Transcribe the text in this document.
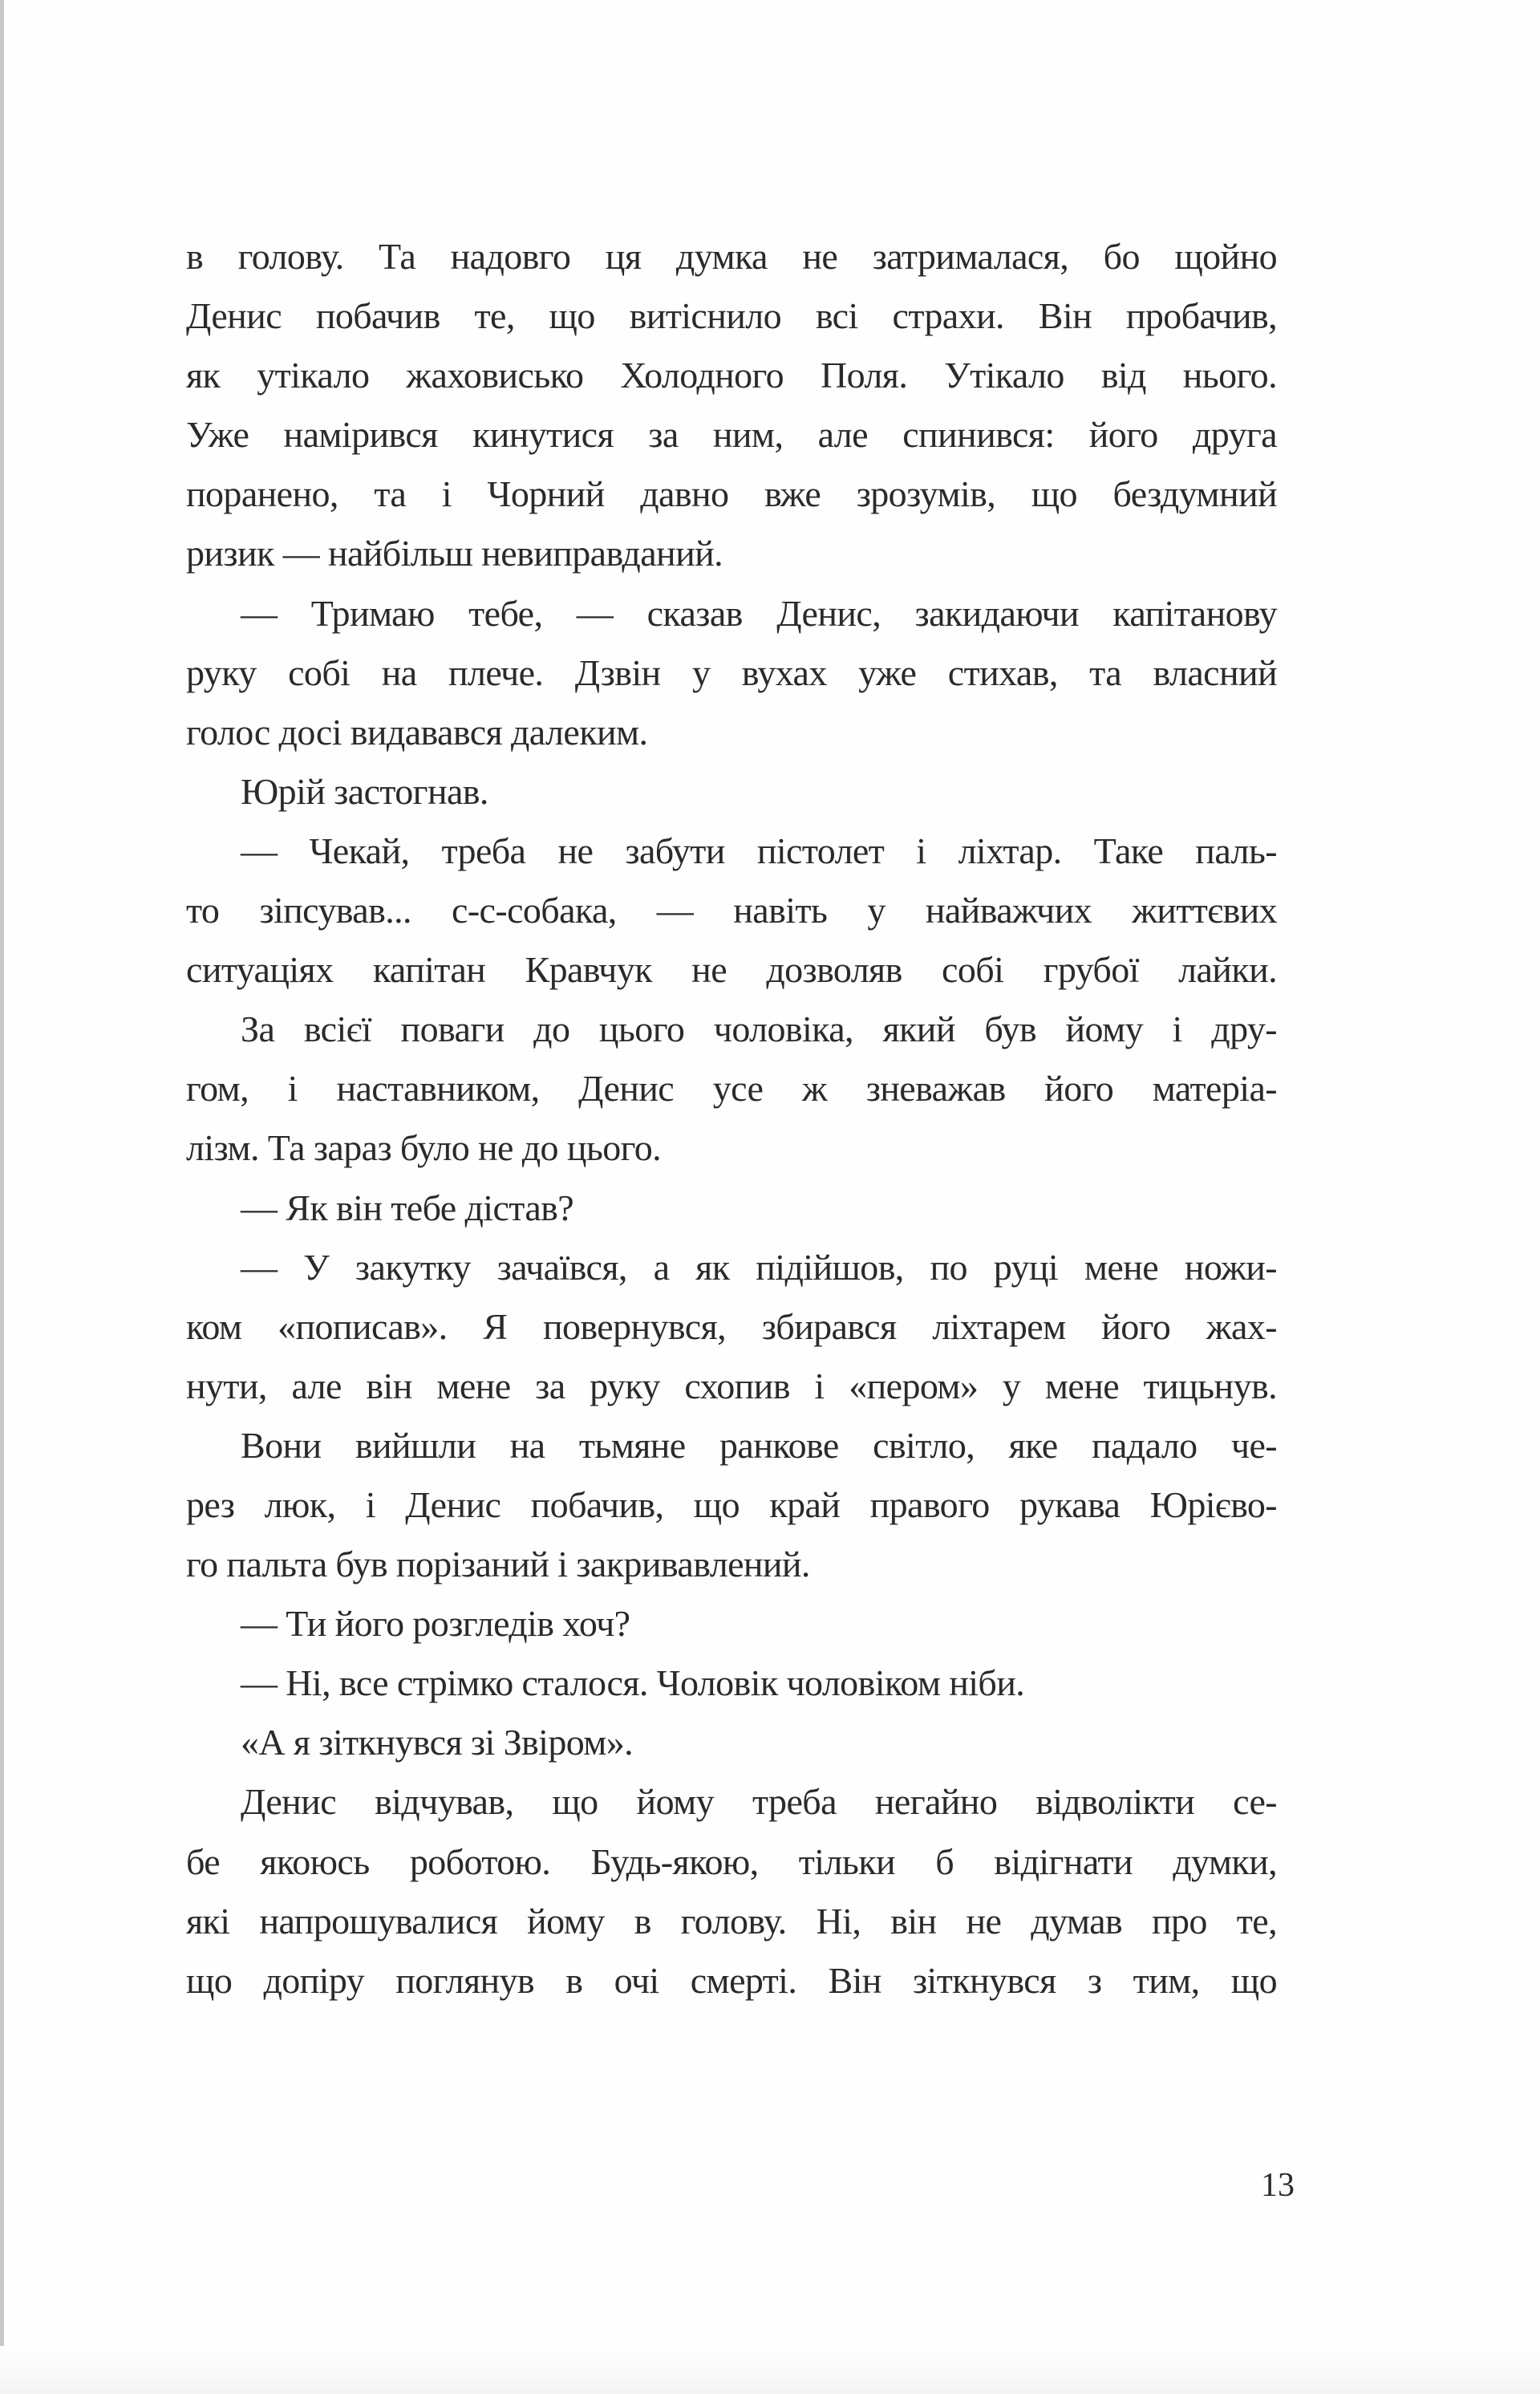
в голову. Та надовго ця думка не затрималася, бо щойно
Денис побачив те, що витіснило всі страхи. Він пробачив,
як утікало жаховисько Холодного Поля. Утікало від нього.
Уже намірився кинутися за ним, але спинився: його друга
поранено, та і Чорний давно вже зрозумів, що бездумний
ризик — найбільш невиправданий.
— Тримаю тебе, — сказав Денис, закидаючи капітанову
руку собі на плече. Дзвін у вухах уже стихав, та власний
голос досі видавався далеким.
Юрій застогнав.
— Чекай, треба не забути пістолет і ліхтар. Таке паль-
то зіпсував... с-с-собака, — навіть у найважчих життєвих
ситуаціях капітан Кравчук не дозволяв собі грубої лайки.
За всієї поваги до цього чоловіка, який був йому і дру-
гом, і наставником, Денис усе ж зневажав його матеріа-
лізм. Та зараз було не до цього.
— Як він тебе дістав?
— У закутку зачаївся, а як підійшов, по руці мене ножи-
ком «пописав». Я повернувся, збирався ліхтарем його жах-
нути, але він мене за руку схопив і «пером» у мене тицьнув.
Вони вийшли на тьмяне ранкове світло, яке падало че-
рез люк, і Денис побачив, що край правого рукава Юрієво-
го пальта був порізаний і закривавлений.
— Ти його розгледів хоч?
— Ні, все стрімко сталося. Чоловік чоловіком ніби.
«А я зіткнувся зі Звіром».
Денис відчував, що йому треба негайно відволікти се-
бе якоюсь роботою. Будь-якою, тільки б відігнати думки,
які напрошувалися йому в голову. Ні, він не думав про те,
що допіру поглянув в очі смерті. Він зіткнувся з тим, що
13
